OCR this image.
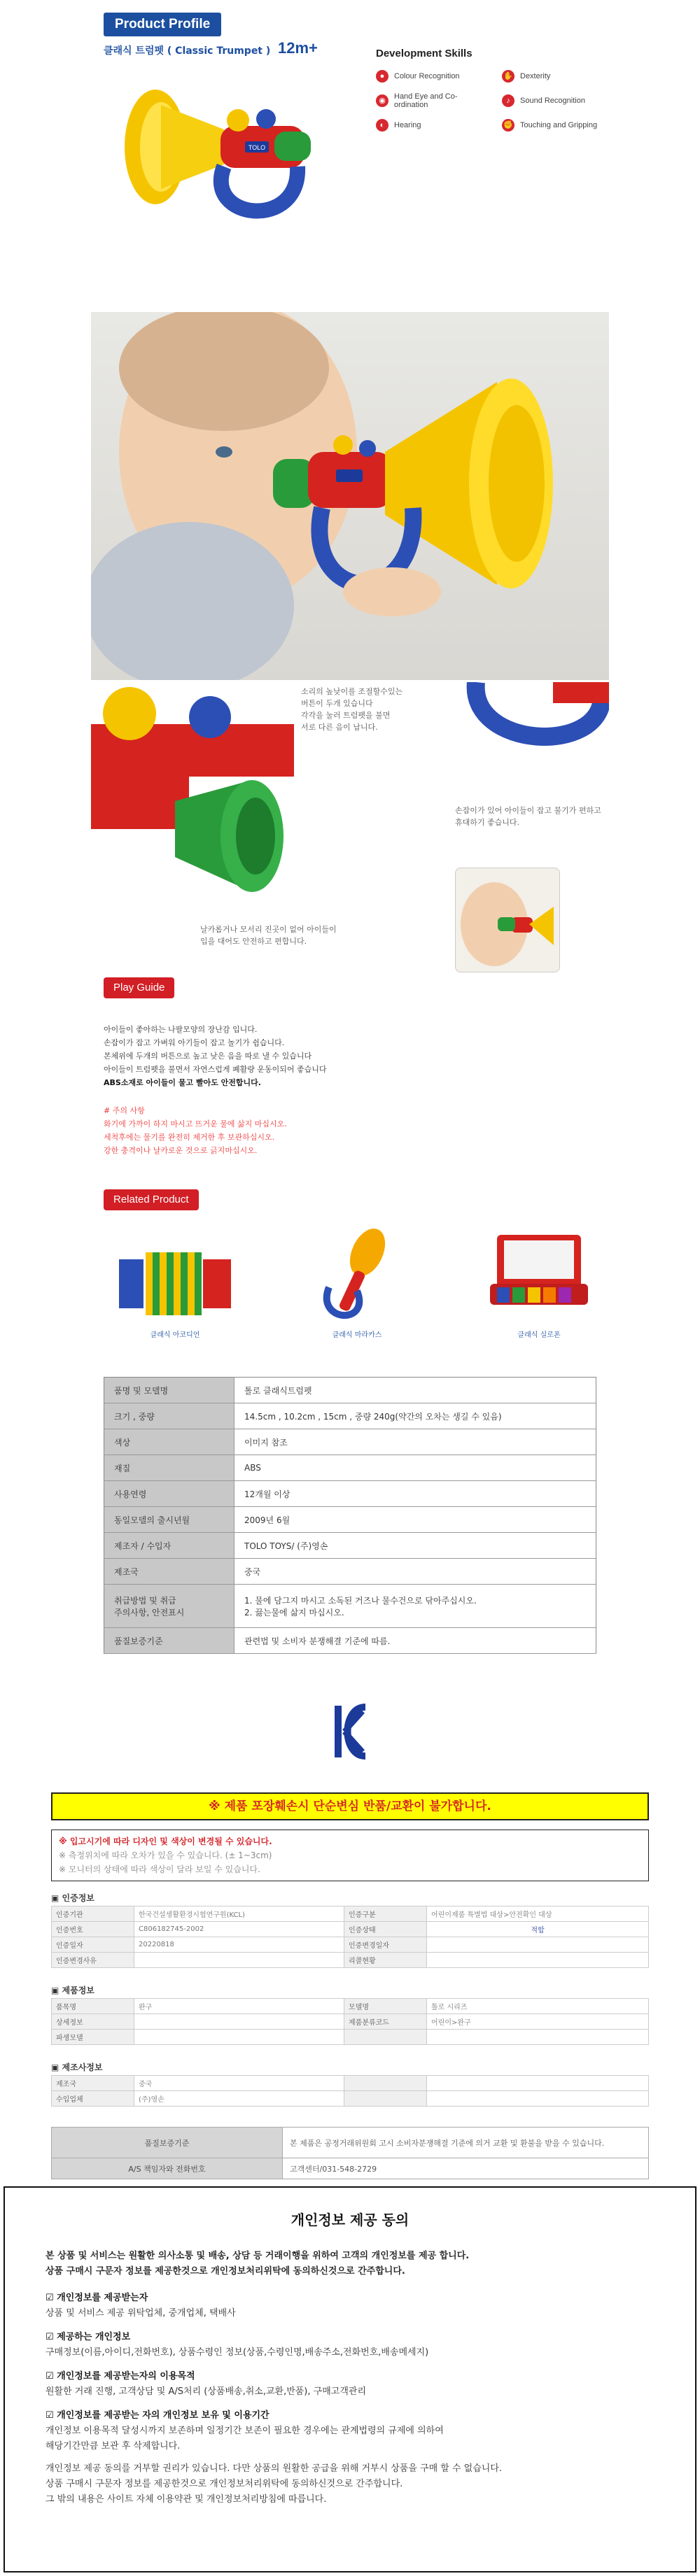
Product Profile
클래식 트럼펫 ( Classic Trumpet ) 12m+	Development Skills
●	Colour Recognition	✋ Dexterity
◉	Hand Eye and Co-ordination	♪	Sound Recognition
◐	Hearing	✊ Touching and Gripping
TOLO
소리의 높낮이를 조절할수있는
버튼이 두개 있습니다
각각을 눌러 트럼펫을 불면
서로 다른 음이 납니다.
손잡이가 있어 아이들이 잡고 불기가 편하고
휴대하기 좋습니다.
날카롭거나 모서리 진곳이 없어 아이들이
입을 대어도 안전하고 편합니다.
Play Guide
아이들이 좋아하는 나팔모양의 장난감 입니다.
손잡이가 잡고 가벼워 아기들이 잡고 놀기가 쉽습니다.
본체위에 두개의 버튼으로 높고 낮은 음을 따로 낼 수 있습니다
아이들이 트럼펫을 불면서 자연스럽게 폐활량 운동이되어 좋습니다
ABS소재로 아이들이 물고 빨아도 안전합니다.
# 주의 사항
화기에 가까이 하지 마시고 뜨거운 물에 삶지 마십시오.
세척후에는 물기를 완전히 제거한 후 보관하십시오.
강한 충격이나 날카로운 것으로 긁지마십시오.
Related Product
클래식 아코디언	클래식 마라카스	클래식 실로폰
품명 및 모델명	톨로 클래식트럼펫
크기 , 중량	14.5cm , 10.2cm , 15cm , 중량 240g(약간의 오차는 생길 수 있음)
색상	이미지 참조
재질	ABS
사용연령	12개월 이상
동일모델의 출시년월	2009년 6월
제조자 / 수입자	TOLO TOYS/ (주)영손
제조국	중국
취급방법 및 취급
주의사항, 안전표시	1. 물에 담그지 마시고 소독된 거즈나 물수건으로 닦아주십시오.
2. 끓는물에 삶지 마십시오.
품질보증기준	관련법 및 소비자 분쟁해결 기준에 따름.
KC
※ 제품 포장훼손시 단순변심 반품/교환이 불가합니다.
※ 입고시기에 따라 디자인 및 색상이 변경될 수 있습니다.
※ 측정위치에 따라 오차가 있을 수 있습니다. (± 1~3cm)
※ 모니터의 상태에 따라 색상이 달라 보일 수 있습니다.
▣ 인증정보
인증기관	한국건설생활환경시험연구원(KCL)	인증구분	어린이제품 특별법 대상>안전확인 대상
인증번호	C806182745-2002	인증상태	적합
인증일자	20220818	인증변경일자	
인증변경사유		리콜현황	
▣ 제품정보
품목명	완구	모델명	톨로 시리즈
상세정보		제품분류코드	어린이>완구
파생모델			
▣ 제조사정보
제조국	중국		
수입업체	(주)영손		
품질보증기준	본 제품은 공정거래위원회 고시 소비자분쟁해결 기준에 의거 교환 및 환불을 받을 수 있습니다.
A/S 책임자와 전화번호	고객센터/031-548-2729
개인정보 제공 동의
본 상품 및 서비스는 원활한 의사소통 및 배송, 상담 등 거래이행을 위하여 고객의 개인정보를 제공 합니다.
상품 구매시 구문자 정보를 제공한것으로 개인정보처리위탁에 동의하신것으로 간주합니다.
☑ 개인정보를 제공받는자
상품 및 서비스 제공 위탁업체, 중개업체, 택배사
☑ 제공하는 개인정보
구매정보(이름,아이디,전화번호), 상품수령인 정보(상품,수령인명,배송주소,전화번호,배송메세지)
☑ 개인정보를 제공받는자의 이용목적
원활한 거래 진행, 고객상담 및 A/S처리 (상품배송,취소,교환,반품), 구매고객관리
☑ 개인정보를 제공받는 자의 개인정보 보유 및 이용기간
개인정보 이용목적 달성시까지 보존하며 일정기간 보존이 필요한 경우에는 관계법령의 규제에 의하여
해당기간만큼 보관 후 삭제합니다.
개인정보 제공 동의를 거부할 권리가 있습니다. 다만 상품의 원활한 공급을 위해 거부시 상품을 구매 할 수 없습니다.
상품 구매시 구문자 정보를 제공한것으로 개인정보처리위탁에 동의하신것으로 간주합니다.
그 밖의 내용은 사이트 자체 이용약관 및 개인정보처리방침에 따릅니다.
